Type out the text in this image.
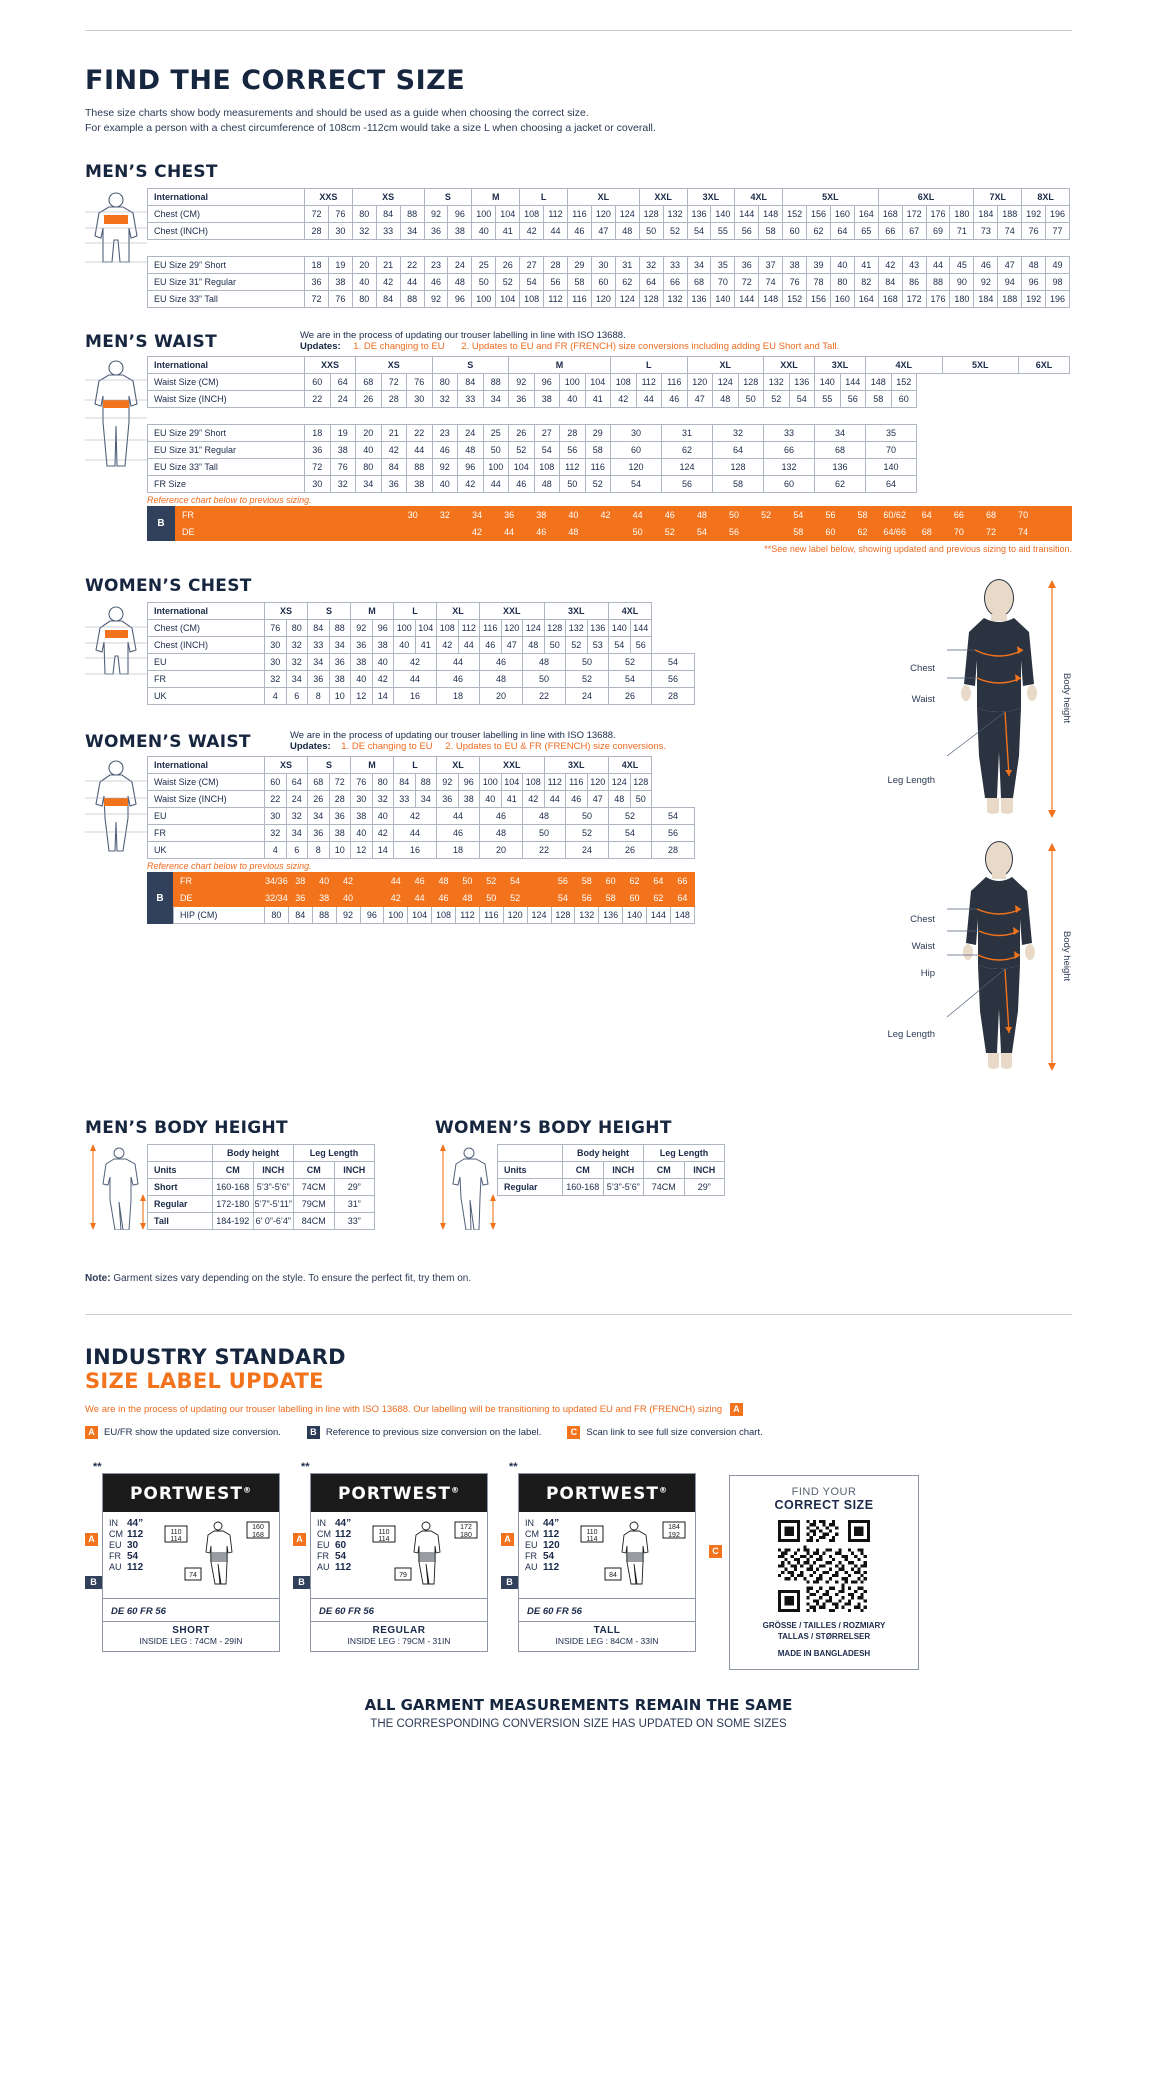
FIND THE CORRECT SIZE
These size charts show body measurements and should be used as a guide when choosing the correct size.
For example a person with a chest circumference of 108cm -112cm would take a size L when choosing a jacket or coverall.
MEN’S CHEST
International	XXS		XS			S		M		L		XL			XXL		3XL		4XL		5XL				6XL				7XL		8XL	
Chest (CM)	72	76	80	84	88	92	96	100	104	108	112	116	120	124	128	132	136	140	144	148	152	156	160	164	168	172	176	180	184	188	192	196
Chest (INCH)	28	30	32	33	34	36	38	40	41	42	44	46	47	48	50	52	54	55	56	58	60	62	64	65	66	67	69	71	73	74	76	77

EU Size 29” Short	18	19	20	21	22	23	24	25	26	27	28	29	30	31	32	33	34	35	36	37	38	39	40	41	42	43	44	45	46	47	48	49
EU Size 31” Regular	36	38	40	42	44	46	48	50	52	54	56	58	60	62	64	66	68	70	72	74	76	78	80	82	84	86	88	90	92	94	96	98
EU Size 33” Tall	72	76	80	84	88	92	96	100	104	108	112	116	120	124	128	132	136	140	144	148	152	156	160	164	168	172	176	180	184	188	192	196
MEN’S WAIST	We are in the process of updating our trouser labelling in line with ISO 13688.
Updates: 1. DE changing to EU 2. Updates to EU and FR (FRENCH) size conversions including adding EU Short and Tall.
International	XXS		XS			S			M				L			XL			XXL		3XL		4XL		5XL	6XL
Waist Size (CM)	60	64	68	72	76	80	84	88	92	96	100	104	108	112	116	120	124	128	132	136	140	144	148	152		
Waist Size (INCH)	22	24	26	28	30	32	33	34	36	38	40	41	42	44	46	47	48	50	52	54	55	56	58	60		

EU Size 29” Short	18	19	20	21	22	23	24	25	26	27	28	29	30		31		32		33		34		35			
EU Size 31” Regular	36	38	40	42	44	46	48	50	52	54	56	58	60		62		64		66		68		70			
EU Size 33” Tall	72	76	80	84	88	92	96	100	104	108	112	116	120		124		128		132		136		140			
FR Size	30	32	34	36	38	40	42	44	46	48	50	52	54		56		58		60		62		64			
Reference chart below to previous sizing.
B
FR			30	32	34	36	38	40	42	44	46	48	50	52	54	56	58	60/62	64	66	68	70	
DE					42	44	46	48		50	52	54	56		58	60	62	64/66	68	70	72	74	
**See new label below, showing updated and previous sizing to aid transition.
WOMEN’S CHEST
International	XS		S		M		L		XL		XXL			3XL			4XL		
Chest (CM)	76	80	84	88	92	96	100	104	108	112	116	120	124	128	132	136	140	144	
Chest (INCH)	30	32	33	34	36	38	40	41	42	44	46	47	48	50	52	53	54	56	
EU	30	32	34	36	38	40	42		44		46		48		50		52		54
FR	32	34	36	38	40	42	44		46		48		50		52		54		56
UK	4	6	8	10	12	14	16		18		20		22		24		26		28
WOMEN’S WAIST	We are in the process of updating our trouser labelling in line with ISO 13688.
Updates: 1. DE changing to EU 2. Updates to EU & FR (FRENCH) size conversions.
International	XS		S		M		L		XL		XXL			3XL			4XL		
Waist Size (CM)	60	64	68	72	76	80	84	88	92	96	100	104	108	112	116	120	124	128	
Waist Size (INCH)	22	24	26	28	30	32	33	34	36	38	40	41	42	44	46	47	48	50	
EU	30	32	34	36	38	40	42		44		46		48		50		52		54
FR	32	34	36	38	40	42	44		46		48		50		52		54		56
UK	4	6	8	10	12	14	16		18		20		22		24		26		28
Reference chart below to previous sizing.
B
FR	34/36	38	40	42		44	46	48	50	52	54		56	58	60	62	64	66
DE	32/34	36	38	40		42	44	46	48	50	52		54	56	58	60	62	64
HIP (CM)	80	84	88	92	96	100	104	108	112	116	120	124	128	132	136	140	144	148
Chest
Waist
Leg Length
Body height
Chest
Waist
Hip
Leg Length
Body height
MEN’S BODY HEIGHT
	Body height		Leg Length	
Units	CM	INCH	CM	INCH
Short	160-168	5’3”-5’6”	74CM	29”
Regular	172-180	5’7”-5’11”	79CM	31”
Tall	184-192	6’ 0”-6’4”	84CM	33”
WOMEN’S BODY HEIGHT
	Body height		Leg Length	
Units	CM	INCH	CM	INCH
Regular	160-168	5’3”-5’6”	74CM	29”
Note: Garment sizes vary depending on the style. To ensure the perfect fit, try them on.
INDUSTRY STANDARD
SIZE LABEL UPDATE
We are in the process of updating our trouser labelling in line with ISO 13688. Our labelling will be transitioning to updated EU and FR (FRENCH) sizing A
A EU/FR show the updated size conversion.	B Reference to previous size conversion on the label.	C Scan link to see full size conversion chart.
**
A B
PORTWEST®
IN 44”
CM 112
EU 30
FR 54
AU 112
110
114
74
160
168
DE 60 FR 56
SHORT
INSIDE LEG : 74CM - 29IN
**
A B
PORTWEST®
IN 44”
CM 112
EU 60
FR 54
AU 112
110
114
79
172
180
DE 60 FR 56
REGULAR
INSIDE LEG : 79CM - 31IN
**
A B
PORTWEST®
IN 44”
CM 112
EU 120
FR 54
AU 112
110
114
84
184
192
DE 60 FR 56
TALL
INSIDE LEG : 84CM - 33IN
C
FIND YOUR
CORRECT SIZE
GRÖSSE / TAILLES / ROZMIARY
TALLAS / STØRRELSER
MADE IN BANGLADESH
ALL GARMENT MEASUREMENTS REMAIN THE SAME
THE CORRESPONDING CONVERSION SIZE HAS UPDATED ON SOME SIZES
